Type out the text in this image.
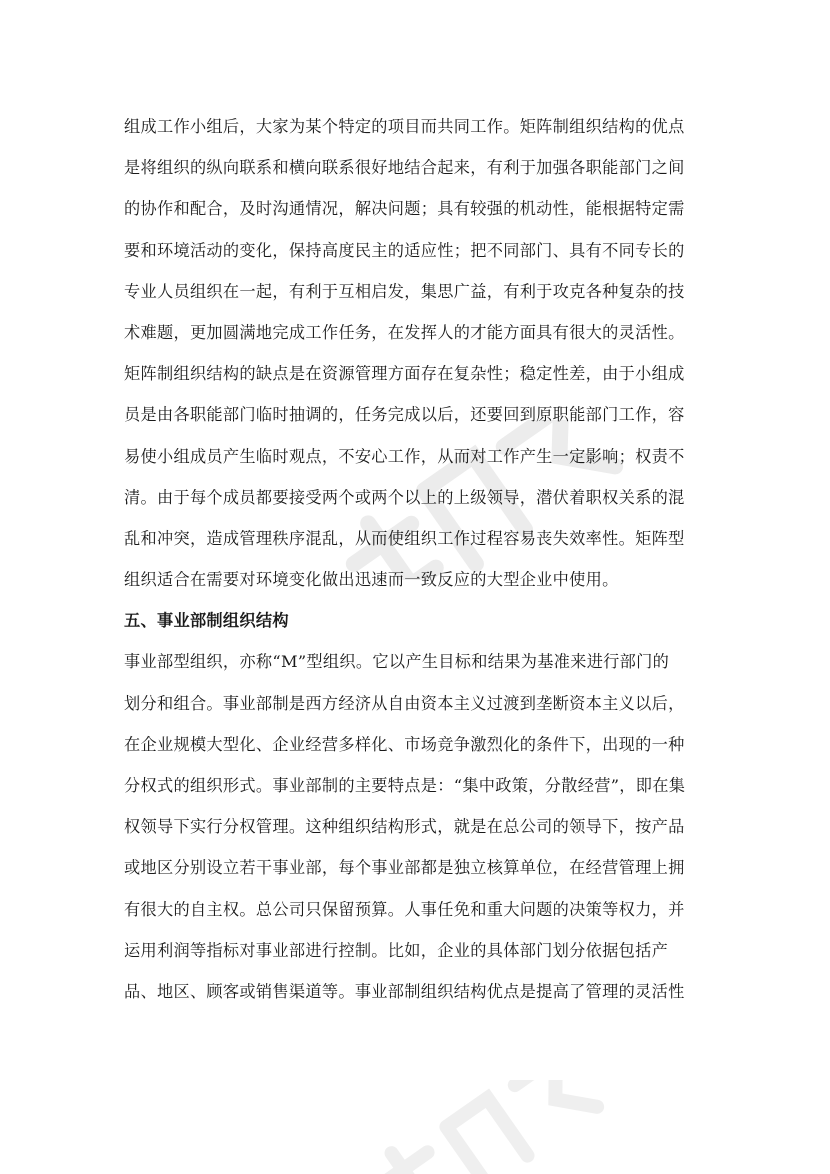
组成工作小组后，大家为某个特定的项目而共同工作。矩阵制组织结构的优点
是将组织的纵向联系和横向联系很好地结合起来，有利于加强各职能部门之间
的协作和配合，及时沟通情况，解决问题；具有较强的机动性，能根据特定需
要和环境活动的变化，保持高度民主的适应性；把不同部门、具有不同专长的
专业人员组织在一起，有利于互相启发，集思广益，有利于攻克各种复杂的技
术难题，更加圆满地完成工作任务，在发挥人的才能方面具有很大的灵活性。
矩阵制组织结构的缺点是在资源管理方面存在复杂性；稳定性差，由于小组成
员是由各职能部门临时抽调的，任务完成以后，还要回到原职能部门工作，容
易使小组成员产生临时观点，不安心工作，从而对工作产生一定影响；权责不
清。由于每个成员都要接受两个或两个以上的上级领导，潜伏着职权关系的混
乱和冲突，造成管理秩序混乱，从而使组织工作过程容易丧失效率性。矩阵型
组织适合在需要对环境变化做出迅速而一致反应的大型企业中使用。
五、事业部制组织结构
事业部型组织，亦称“M”型组织。它以产生目标和结果为基准来进行部门的
划分和组合。事业部制是西方经济从自由资本主义过渡到垄断资本主义以后，
在企业规模大型化、企业经营多样化、市场竞争激烈化的条件下，出现的一种
分权式的组织形式。事业部制的主要特点是：“集中政策，分散经营”，即在集
权领导下实行分权管理。这种组织结构形式，就是在总公司的领导下，按产品
或地区分别设立若干事业部，每个事业部都是独立核算单位，在经营管理上拥
有很大的自主权。总公司只保留预算。人事任免和重大问题的决策等权力，并
运用利润等指标对事业部进行控制。比如，企业的具体部门划分依据包括产
品、地区、顾客或销售渠道等。事业部制组织结构优点是提高了管理的灵活性
